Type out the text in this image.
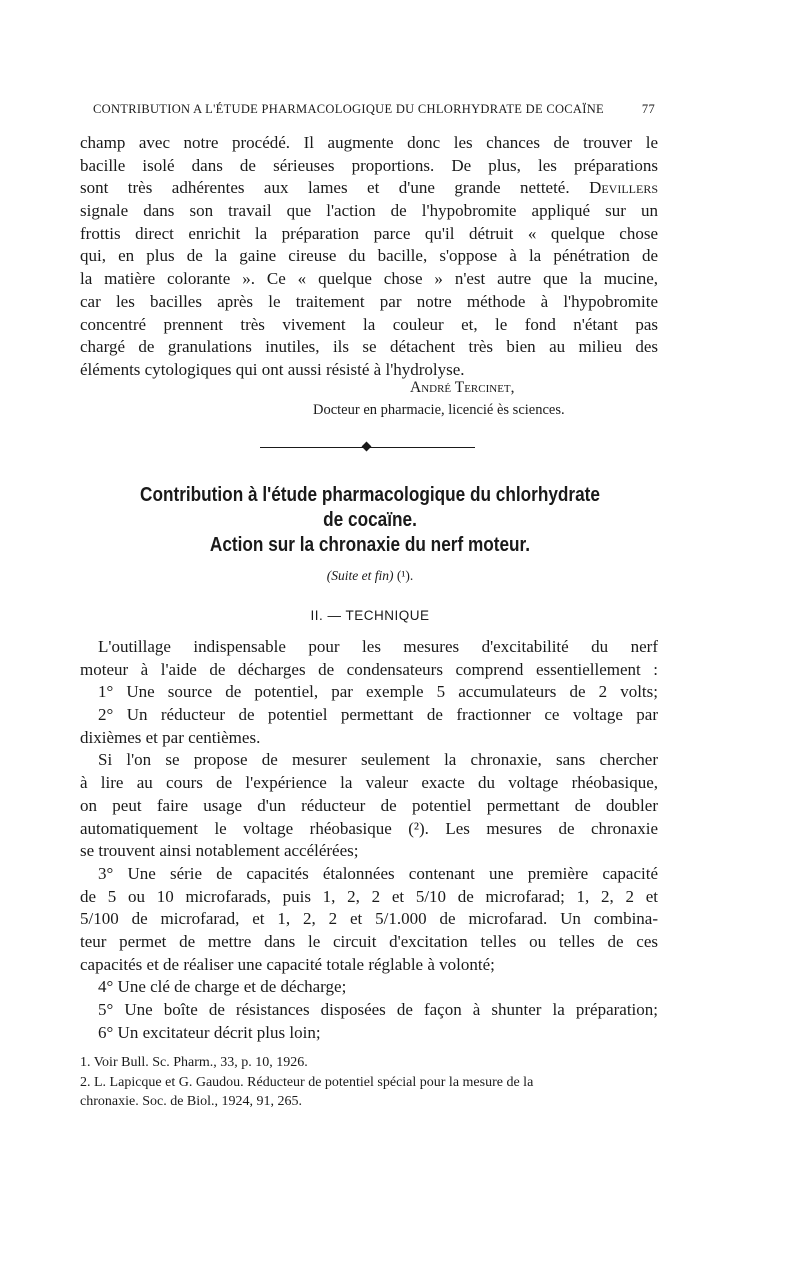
CONTRIBUTION A L'ÉTUDE PHARMACOLOGIQUE DU CHLORHYDRATE DE COCAÏNE	77
champ avec notre procédé. Il augmente donc les chances de trouver le
bacille isolé dans de sérieuses proportions. De plus, les préparations
sont très adhérentes aux lames et d'une grande netteté. Devillers
signale dans son travail que l'action de l'hypobromite appliqué sur un
frottis direct enrichit la préparation parce qu'il détruit « quelque chose
qui, en plus de la gaine cireuse du bacille, s'oppose à la pénétration de
la matière colorante ». Ce « quelque chose » n'est autre que la mucine,
car les bacilles après le traitement par notre méthode à l'hypobromite
concentré prennent très vivement la couleur et, le fond n'étant pas
chargé de granulations inutiles, ils se détachent très bien au milieu des
éléments cytologiques qui ont aussi résisté à l'hydrolyse.
André Tercinet,
Docteur en pharmacie, licencié ès sciences.
Contribution à l'étude pharmacologique du chlorhydrate
de cocaïne.
Action sur la chronaxie du nerf moteur.
(Suite et fin) (¹).
II. — TECHNIQUE
L'outillage indispensable pour les mesures d'excitabilité du nerf
moteur à l'aide de décharges de condensateurs comprend essentiellement :
1° Une source de potentiel, par exemple 5 accumulateurs de 2 volts;
2° Un réducteur de potentiel permettant de fractionner ce voltage par
dixièmes et par centièmes.
Si l'on se propose de mesurer seulement la chronaxie, sans chercher
à lire au cours de l'expérience la valeur exacte du voltage rhéobasique,
on peut faire usage d'un réducteur de potentiel permettant de doubler
automatiquement le voltage rhéobasique (²). Les mesures de chronaxie
se trouvent ainsi notablement accélérées;
3° Une série de capacités étalonnées contenant une première capacité
de 5 ou 10 microfarads, puis 1, 2, 2 et 5/10 de microfarad; 1, 2, 2 et
5/100 de microfarad, et 1, 2, 2 et 5/1.000 de microfarad. Un combina-
teur permet de mettre dans le circuit d'excitation telles ou telles de ces
capacités et de réaliser une capacité totale réglable à volonté;
4° Une clé de charge et de décharge;
5° Une boîte de résistances disposées de façon à shunter la préparation;
6° Un excitateur décrit plus loin;
1. Voir Bull. Sc. Pharm., 33, p. 10, 1926.
2. L. Lapicque et G. Gaudou. Réducteur de potentiel spécial pour la mesure de la
chronaxie. Soc. de Biol., 1924, 91, 265.
